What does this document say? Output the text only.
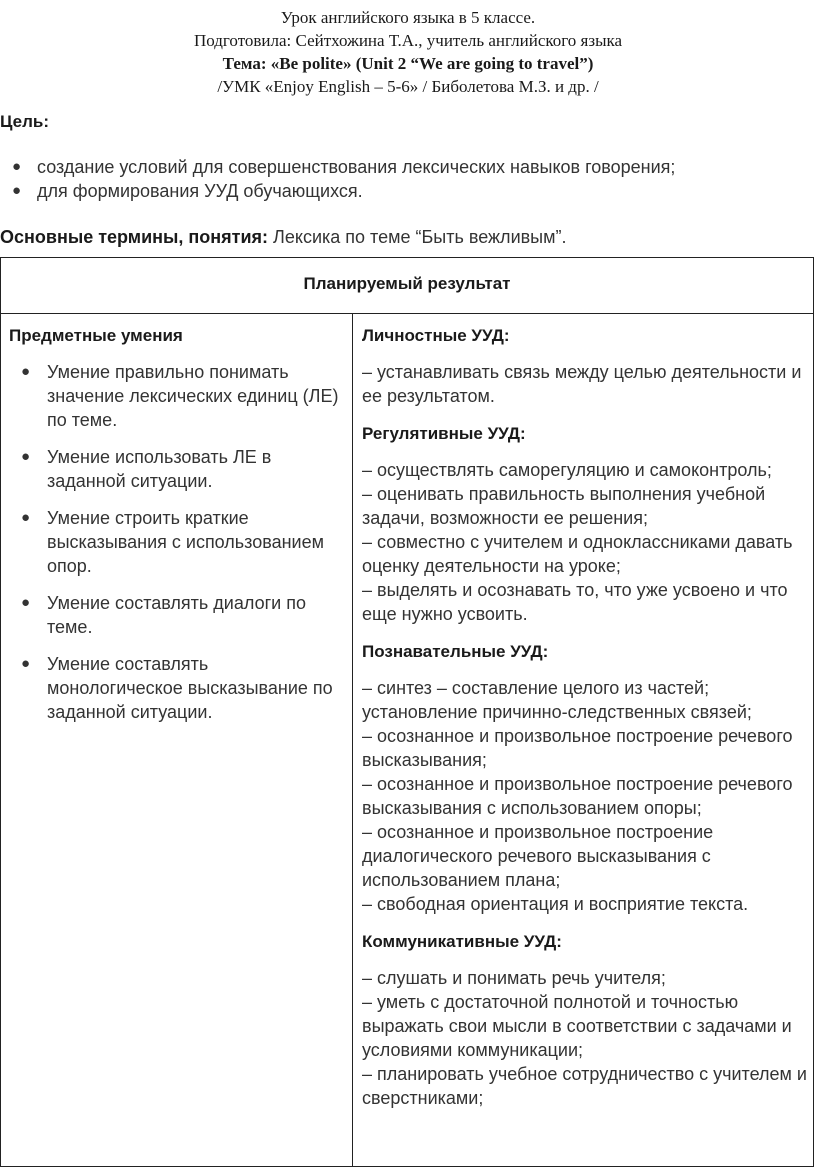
Урок английского языка в 5 классе.
Подготовила: Сейтхожина Т.А., учитель английского языка
Тема: «Be polite» (Unit 2 “We are going to travel”)
/УМК «Enjoy English – 5-6» / Биболетова М.З. и др. /
Цель:
● создание условий для совершенствования лексических навыков говорения;
● для формирования УУД обучающихся.
Основные термины, понятия: Лексика по теме “Быть вежливым”.
Планируемый результат
Предметные умения
● Умение правильно понимать значение лексических единиц (ЛЕ) по теме.
● Умение использовать ЛЕ в заданной ситуации.
● Умение строить краткие высказывания с использованием опор.
● Умение составлять диалоги по теме.
● Умение составлять монологическое высказывание по заданной ситуации.
Личностные УУД:
– устанавливать связь между целью деятельности и ее результатом.
Регулятивные УУД:
– осуществлять саморегуляцию и самоконтроль;
– оценивать правильность выполнения учебной задачи, возможности ее решения;
– совместно с учителем и одноклассниками давать оценку деятельности на уроке;
– выделять и осознавать то, что уже усвоено и что еще нужно усвоить.
Познавательные УУД:
– синтез – составление целого из частей; установление причинно-следственных связей;
– осознанное и произвольное построение речевого высказывания;
– осознанное и произвольное построение речевого высказывания с использованием опоры;
– осознанное и произвольное построение диалогического речевого высказывания с использованием плана;
– свободная ориентация и восприятие текста.
Коммуникативные УУД:
– слушать и понимать речь учителя;
– уметь с достаточной полнотой и точностью выражать свои мысли в соответствии с задачами и условиями коммуникации;
– планировать учебное сотрудничество с учителем и сверстниками;
